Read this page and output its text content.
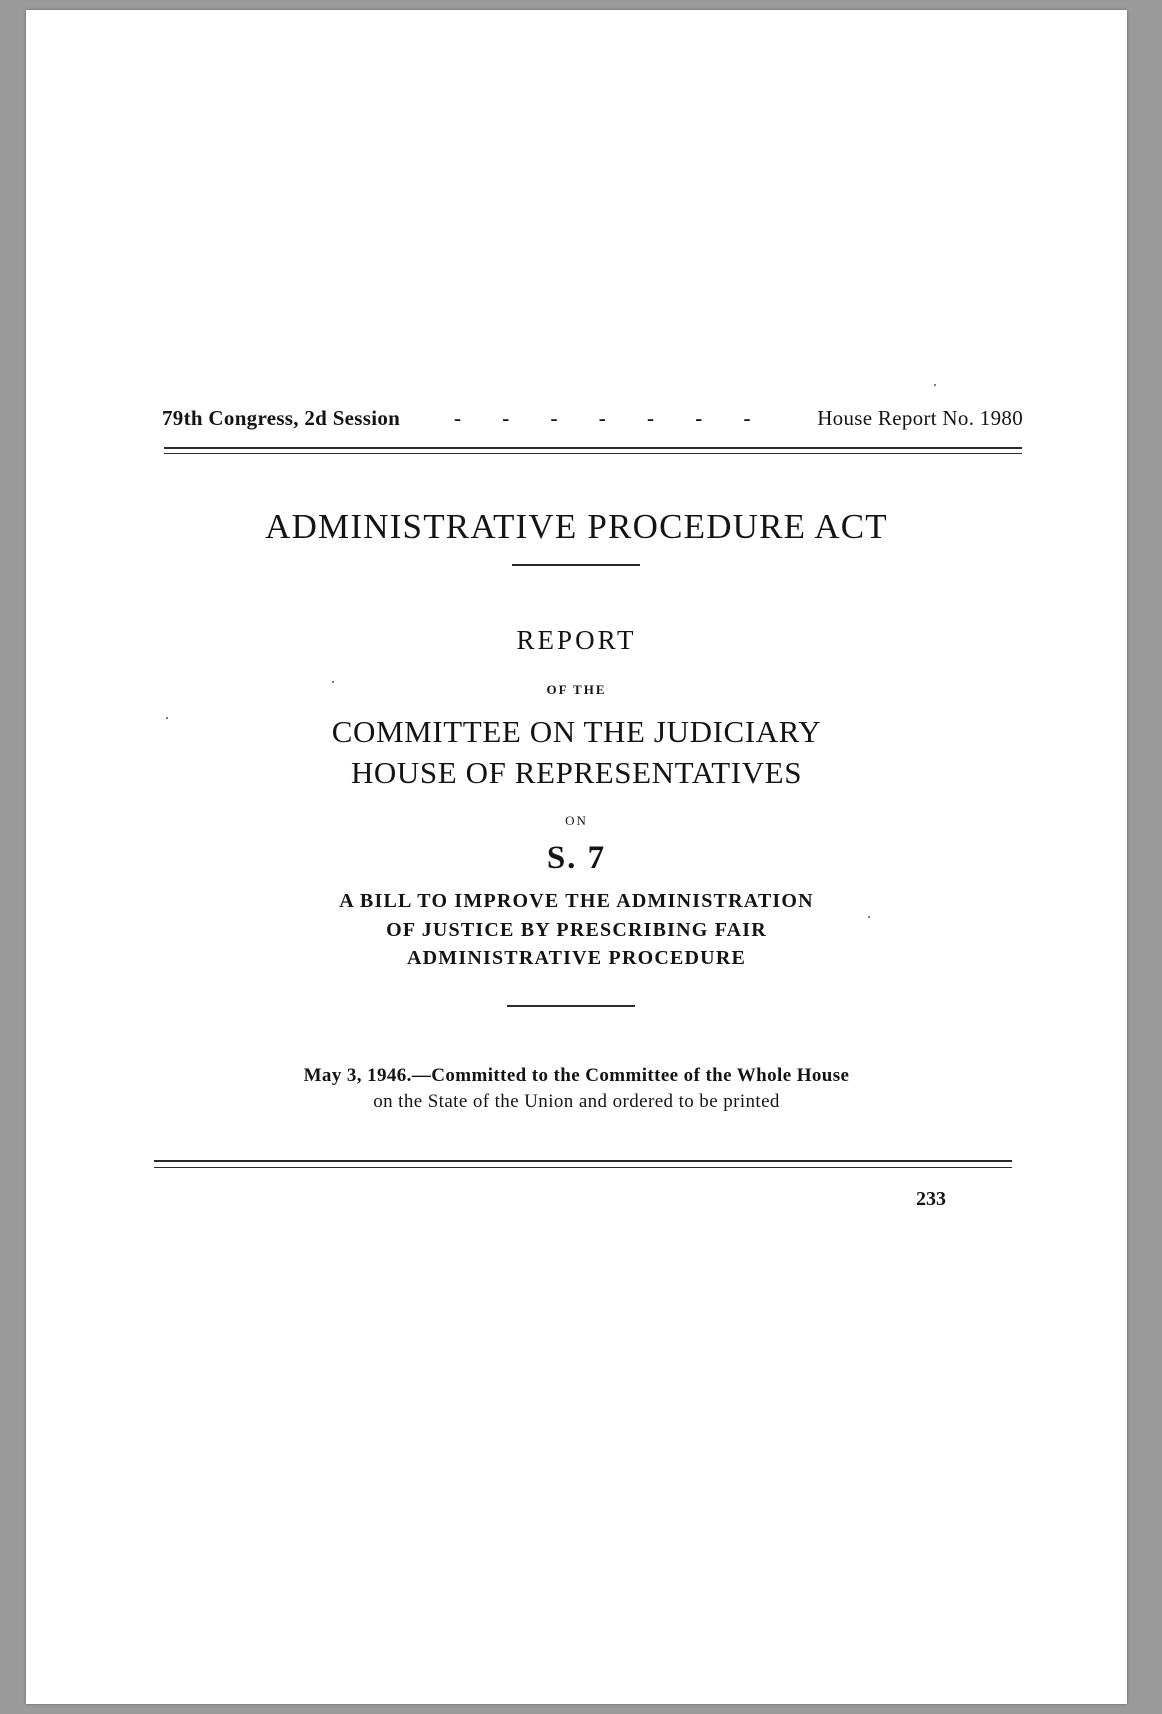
79th Congress, 2d Session	- - - - - - -	House Report No. 1980
ADMINISTRATIVE PROCEDURE ACT
REPORT
OF THE
COMMITTEE ON THE JUDICIARY
HOUSE OF REPRESENTATIVES
ON
S. 7
A BILL TO IMPROVE THE ADMINISTRATION
OF JUSTICE BY PRESCRIBING FAIR
ADMINISTRATIVE PROCEDURE
May 3, 1946.—Committed to the Committee of the Whole House
on the State of the Union and ordered to be printed
233
